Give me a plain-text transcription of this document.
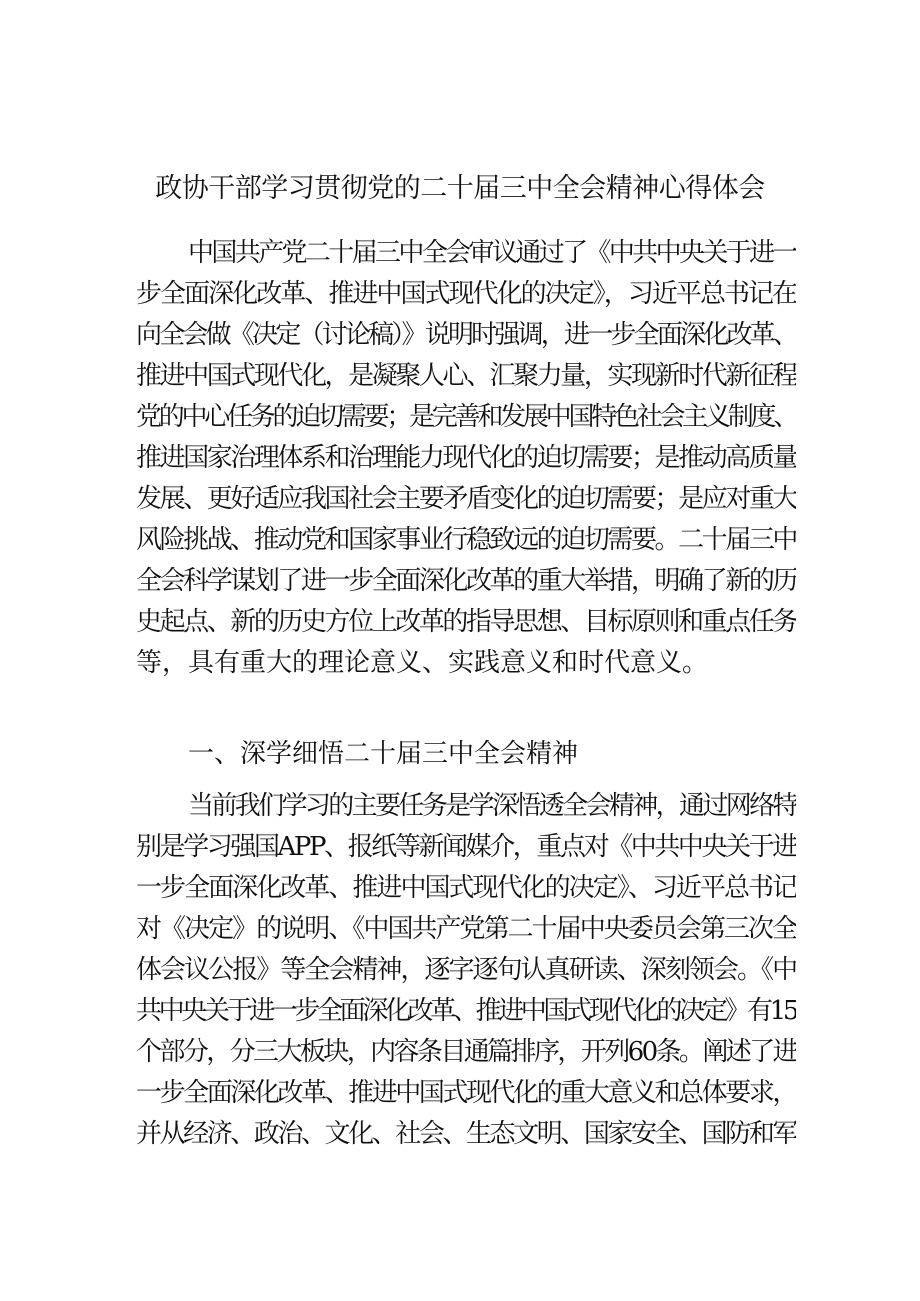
政协干部学习贯彻党的二十届三中全会精神心得体会
中国共产党二十届三中全会审议通过了《中共中央关于进一
步全面深化改革、推进中国式现代化的决定》，习近平总书记在
向全会做《决定（讨论稿）》说明时强调，进一步全面深化改革、
推进中国式现代化，是凝聚人心、汇聚力量，实现新时代新征程
党的中心任务的迫切需要；是完善和发展中国特色社会主义制度、
推进国家治理体系和治理能力现代化的迫切需要；是推动高质量
发展、更好适应我国社会主要矛盾变化的迫切需要；是应对重大
风险挑战、推动党和国家事业行稳致远的迫切需要。二十届三中
全会科学谋划了进一步全面深化改革的重大举措，明确了新的历
史起点、新的历史方位上改革的指导思想、目标原则和重点任务
等，具有重大的理论意义、实践意义和时代意义。
一、深学细悟二十届三中全会精神
当前我们学习的主要任务是学深悟透全会精神，通过网络特
别是学习强国APP、报纸等新闻媒介，重点对《中共中央关于进
一步全面深化改革、推进中国式现代化的决定》、习近平总书记
对《决定》的说明、《中国共产党第二十届中央委员会第三次全
体会议公报》等全会精神，逐字逐句认真研读、深刻领会。《中
共中央关于进一步全面深化改革、推进中国式现代化的决定》有15
个部分，分三大板块，内容条目通篇排序，开列60条。阐述了进
一步全面深化改革、推进中国式现代化的重大意义和总体要求，
并从经济、政治、文化、社会、生态文明、国家安全、国防和军
